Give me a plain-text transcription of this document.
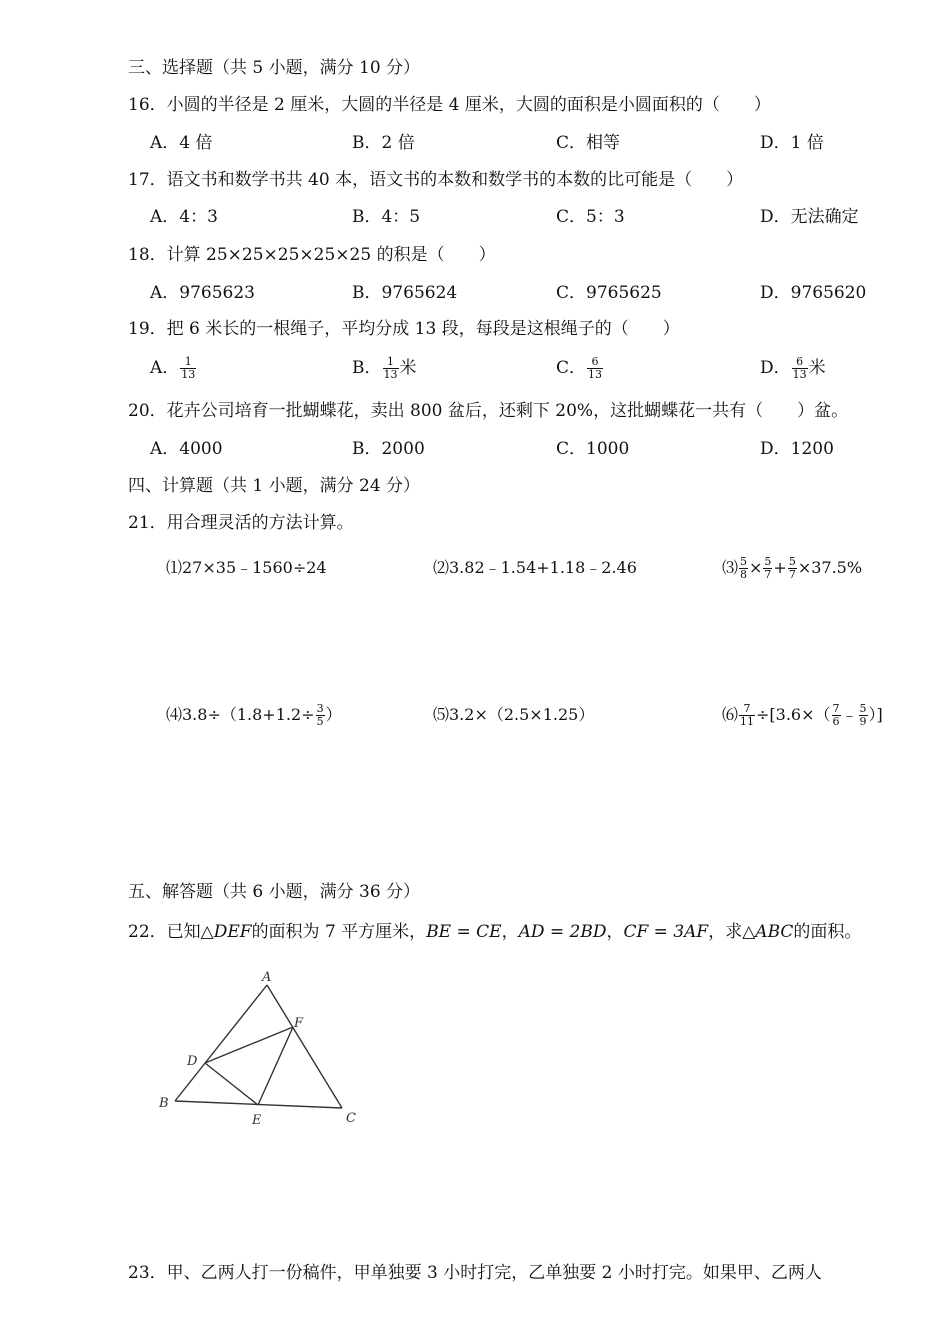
三、选择题（共 5 小题，满分 10 分）
16．小圆的半径是 2 厘米，大圆的半径是 4 厘米，大圆的面积是小圆面积的（　　）
A．4 倍	B．2 倍	C．相等	D．1 倍
17．语文书和数学书共 40 本，语文书的本数和数学书的本数的比可能是（　　）
A．4：3	B．4：5	C．5：3	D．无法确定
18．计算 25×25×25×25×25 的积是（　　）
A．9765623	B．9765624	C．9765625	D．9765620
19．把 6 米长的一根绳子，平均分成 13 段，每段是这根绳子的（　　）
A． $\frac{1}{13}$	B． $\frac{1}{13}$ 米	C． $\frac{6}{13}$	D． $\frac{6}{13}$ 米
20．花卉公司培育一批蝴蝶花，卖出 800 盆后，还剩下 20%，这批蝴蝶花一共有（　　）盆。
A．4000	B．2000	C．1000	D．1200
四、计算题（共 1 小题，满分 24 分）
21．用合理灵活的方法计算。
⑴27×35﹣1560÷24	⑵3.82﹣1.54+1.18﹣2.46	⑶ $\frac{5}{8} \times \frac{5}{7} + \frac{5}{7} \times 37.5\%$
⑷3.8÷（1.8+1.2÷ $\frac{3}{5}$ ）	⑸3.2×（2.5×1.25）	⑹ $\frac{7}{11} \div[3.6\times( \frac{7}{6}$ ﹣ $\frac{5}{9}$ ）]
五、解答题（共 6 小题，满分 36 分）
22．已知△DEF的面积为 7 平方厘米，BE = CE，AD = 2BD，CF = 3AF，求△ABC的面积。
A
B
C
D
E
F
23．甲、乙两人打一份稿件，甲单独要 3 小时打完，乙单独要 2 小时打完。如果甲、乙两人
